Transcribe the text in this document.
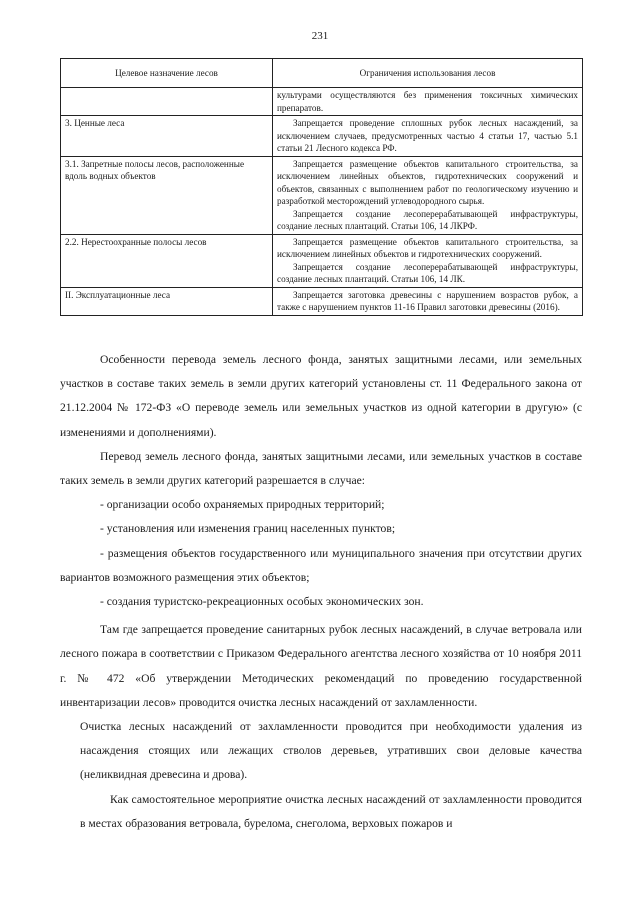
231
Целевое назначение лесов	Ограничения использования лесов

	культурами осуществляются без применения токсичных химических препаратов.

3. Ценные леса	Запрещается проведение сплошных рубок лесных насаждений, за исключением случаев, предусмотренных частью 4 статьи 17, частью 5.1 статьи 21 Лесного кодекса РФ.

3.1. Запретные полосы лесов, расположенные вдоль водных объектов	Запрещается размещение объектов капитального строительства, за исключением линейных объектов, гидротехнических сооружений и объектов, связанных с выполнением работ по геологическому изучению и разработкой месторождений углеводородного сырья.
Запрещается создание лесоперерабатывающей инфраструктуры, создание лесных плантаций. Статьи 106, 14 ЛКРФ.

2.2. Нерестоохранные полосы лесов	Запрещается размещение объектов капитального строительства, за исключением линейных объектов и гидротехнических сооружений.
Запрещается создание лесоперерабатывающей инфраструктуры, создание лесных плантаций. Статьи 106, 14 ЛК.

II. Эксплуатационные леса	Запрещается заготовка древесины с нарушением возрастов рубок, а также с нарушением пунктов 11-16 Правил заготовки древесины (2016).

Особенности перевода земель лесного фонда, занятых защитными лесами, или земельных участков в составе таких земель в земли других категорий установлены ст. 11 Федерального закона от 21.12.2004 № 172-ФЗ «О переводе земель или земельных участков из одной категории в другую» (с изменениями и дополнениями).

Перевод земель лесного фонда, занятых защитными лесами, или земельных участков в составе таких земель в земли других категорий разрешается в случае:

- организации особо охраняемых природных территорий;

- установления или изменения границ населенных пунктов;

- размещения объектов государственного или муниципального значения при отсутствии других вариантов возможного размещения этих объектов;

- создания туристско-рекреационных особых экономических зон.

Там где запрещается проведение санитарных рубок лесных насаждений, в случае ветровала или лесного пожара в соответствии с Приказом Федерального агентства лесного хозяйства от 10 ноября 2011 г. № 472 «Об утверждении Методических рекомендаций по проведению государственной инвентаризации лесов» проводится очистка лесных насаждений от захламленности.

Очистка лесных насаждений от захламленности проводится при необходимости удаления из насаждения стоящих или лежащих стволов деревьев, утративших свои деловые качества (неликвидная древесина и дрова).

Как самостоятельное мероприятие очистка лесных насаждений от захламленности проводится в местах образования ветровала, бурелома, снеголома, верховых пожаров и
